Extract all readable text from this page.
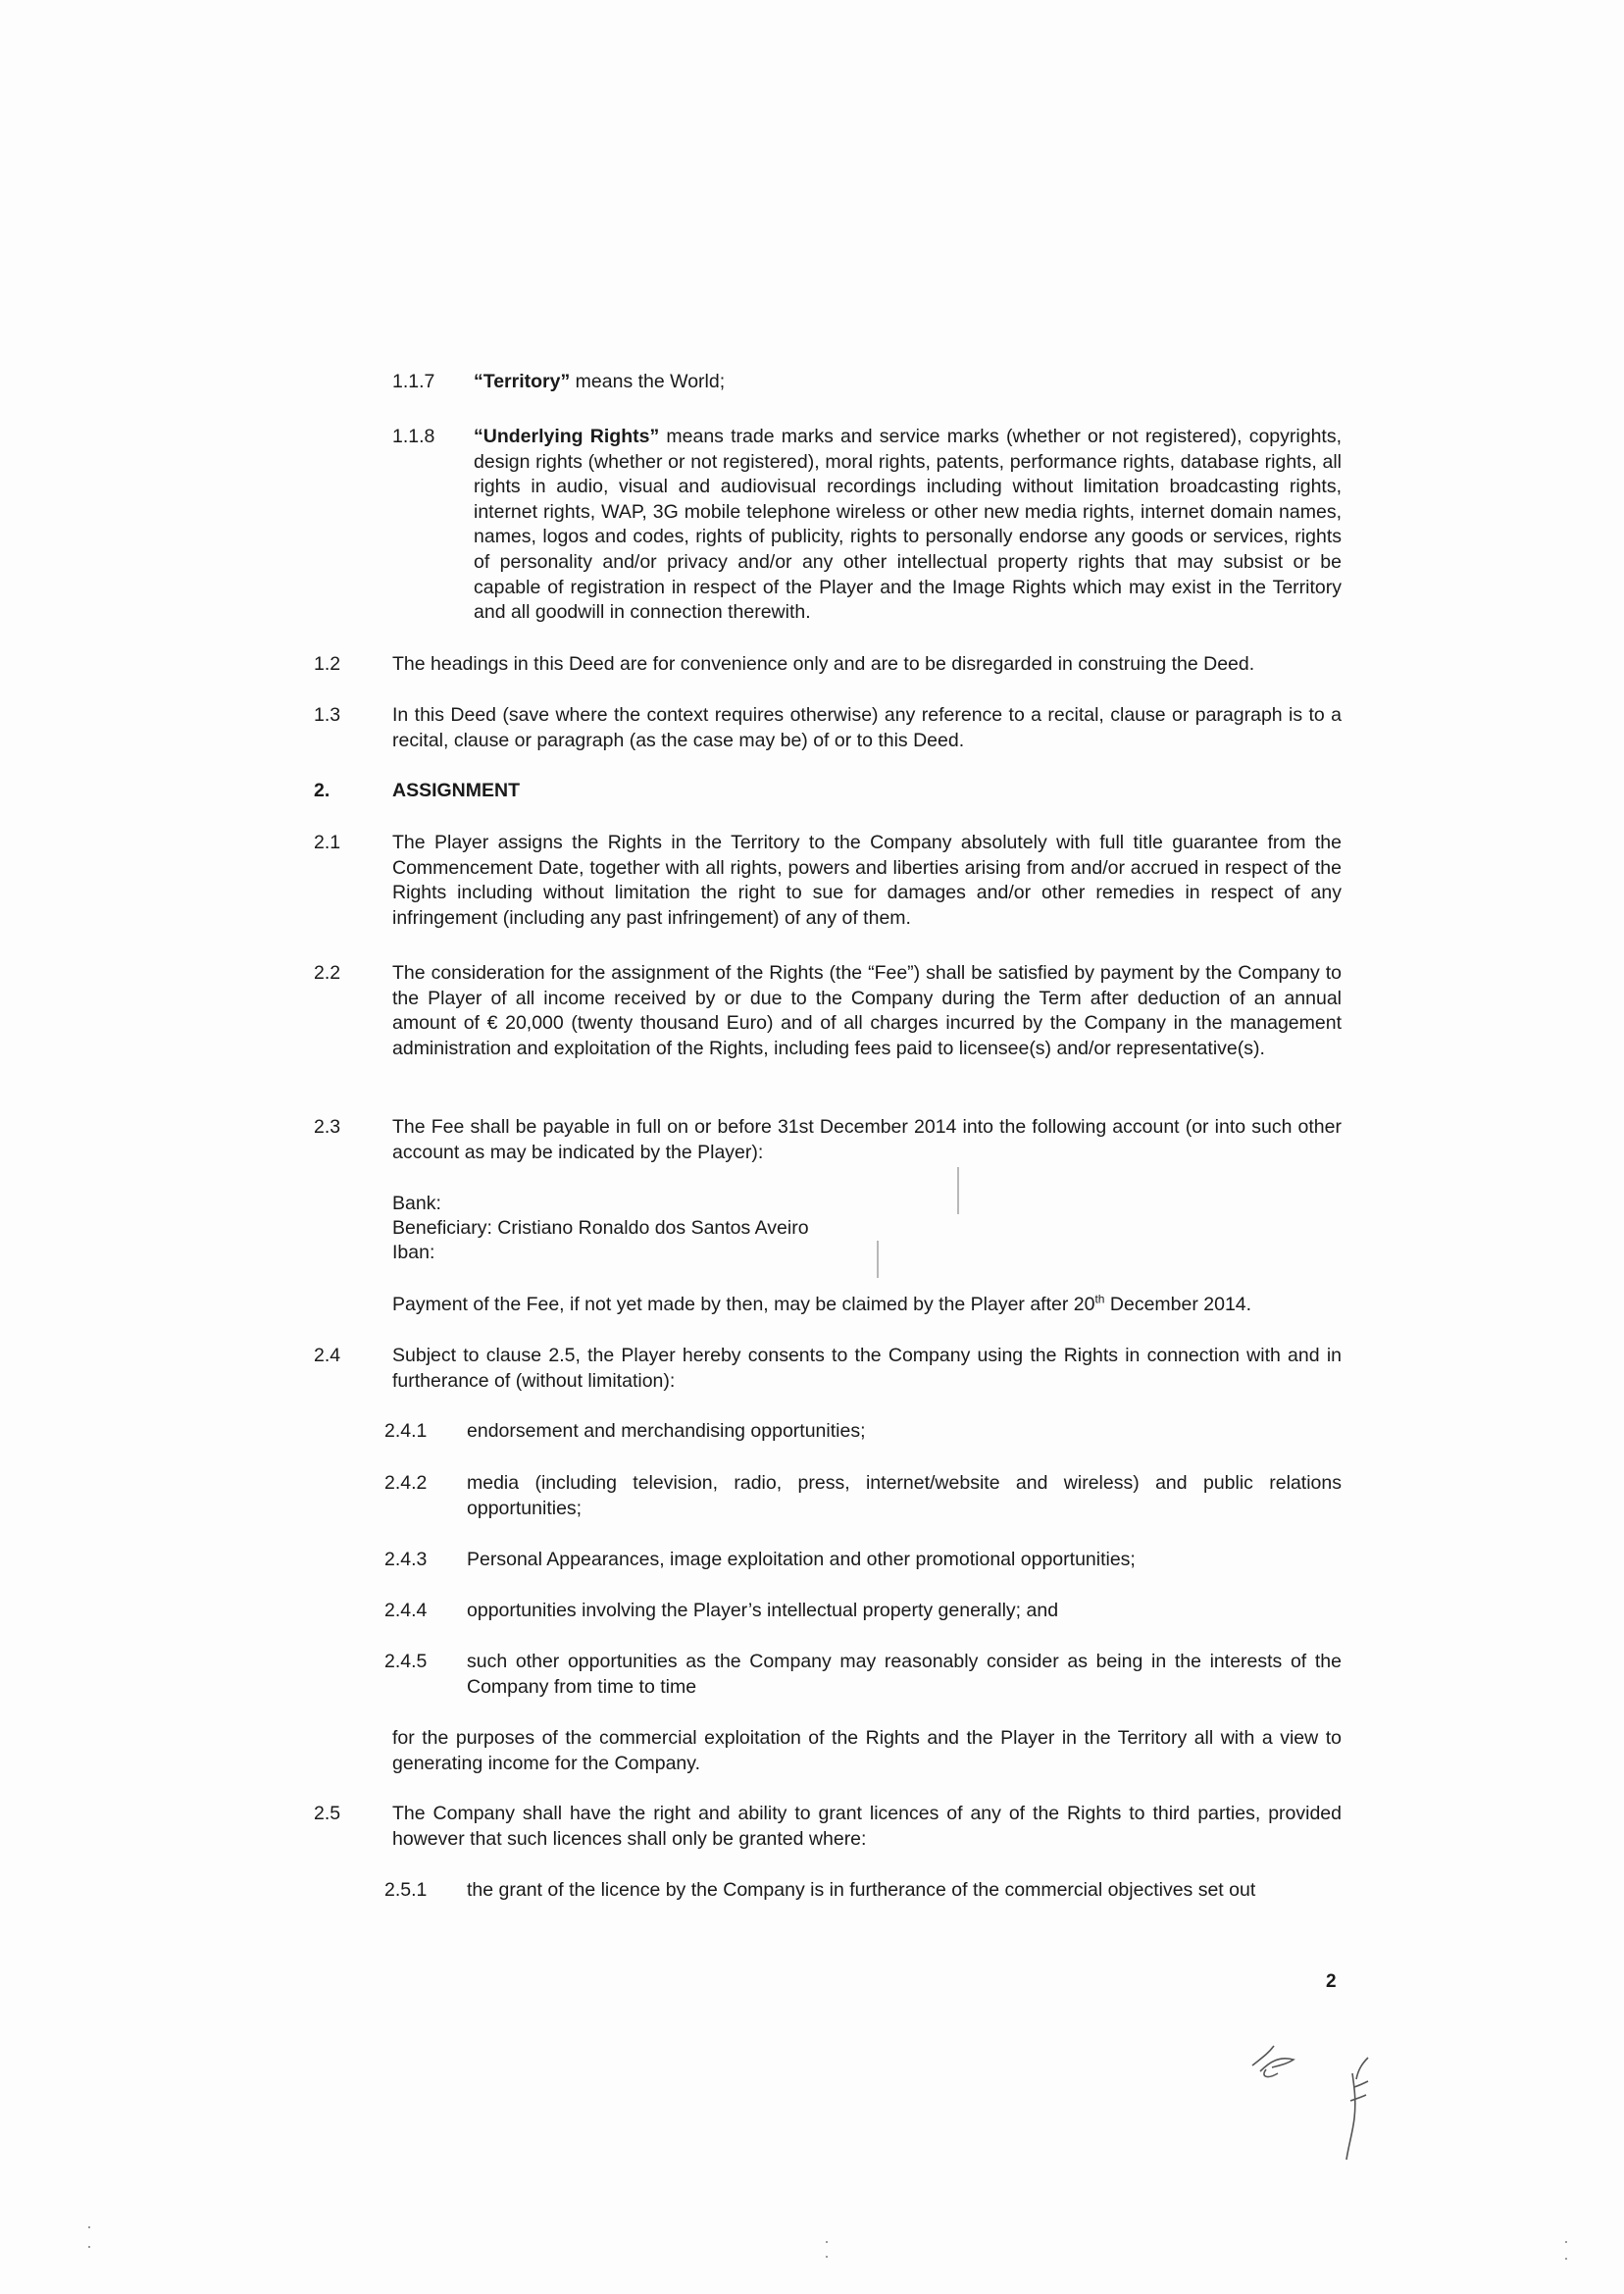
1.1.7 “Territory” means the World;
1.1.8 “Underlying Rights” means trade marks and service marks (whether or not registered), copyrights, design rights (whether or not registered), moral rights, patents, performance rights, database rights, all rights in audio, visual and audiovisual recordings including without limitation broadcasting rights, internet rights, WAP, 3G mobile telephone wireless or other new media rights, internet domain names, names, logos and codes, rights of publicity, rights to personally endorse any goods or services, rights of personality and/or privacy and/or any other intellectual property rights that may subsist or be capable of registration in respect of the Player and the Image Rights which may exist in the Territory and all goodwill in connection therewith.
1.2	The headings in this Deed are for convenience only and are to be disregarded in construing the Deed.
1.3	In this Deed (save where the context requires otherwise) any reference to a recital, clause or paragraph is to a recital, clause or paragraph (as the case may be) of or to this Deed.
2.	ASSIGNMENT
2.1	The Player assigns the Rights in the Territory to the Company absolutely with full title guarantee from the Commencement Date, together with all rights, powers and liberties arising from and/or accrued in respect of the Rights including without limitation the right to sue for damages and/or other remedies in respect of any infringement (including any past infringement) of any of them.
2.2	The consideration for the assignment of the Rights (the “Fee”) shall be satisfied by payment by the Company to the Player of all income received by or due to the Company during the Term after deduction of an annual amount of € 20,000 (twenty thousand Euro) and of all charges incurred by the Company in the management administration and exploitation of the Rights, including fees paid to licensee(s) and/or representative(s).
2.3	The Fee shall be payable in full on or before 31st December 2014 into the following account (or into such other account as may be indicated by the Player):
Bank:
Beneficiary: Cristiano Ronaldo dos Santos Aveiro
Iban:
Payment of the Fee, if not yet made by then, may be claimed by the Player after 20th December 2014.
2.4	Subject to clause 2.5, the Player hereby consents to the Company using the Rights in connection with and in furtherance of (without limitation):
2.4.1 endorsement and merchandising opportunities;
2.4.2 media (including television, radio, press, internet/website and wireless) and public relations opportunities;
2.4.3 Personal Appearances, image exploitation and other promotional opportunities;
2.4.4 opportunities involving the Player’s intellectual property generally; and
2.4.5 such other opportunities as the Company may reasonably consider as being in the interests of the Company from time to time
for the purposes of the commercial exploitation of the Rights and the Player in the Territory all with a view to generating income for the Company.
2.5	The Company shall have the right and ability to grant licences of any of the Rights to third parties, provided however that such licences shall only be granted where:
2.5.1 the grant of the licence by the Company is in furtherance of the commercial objectives set out
2
